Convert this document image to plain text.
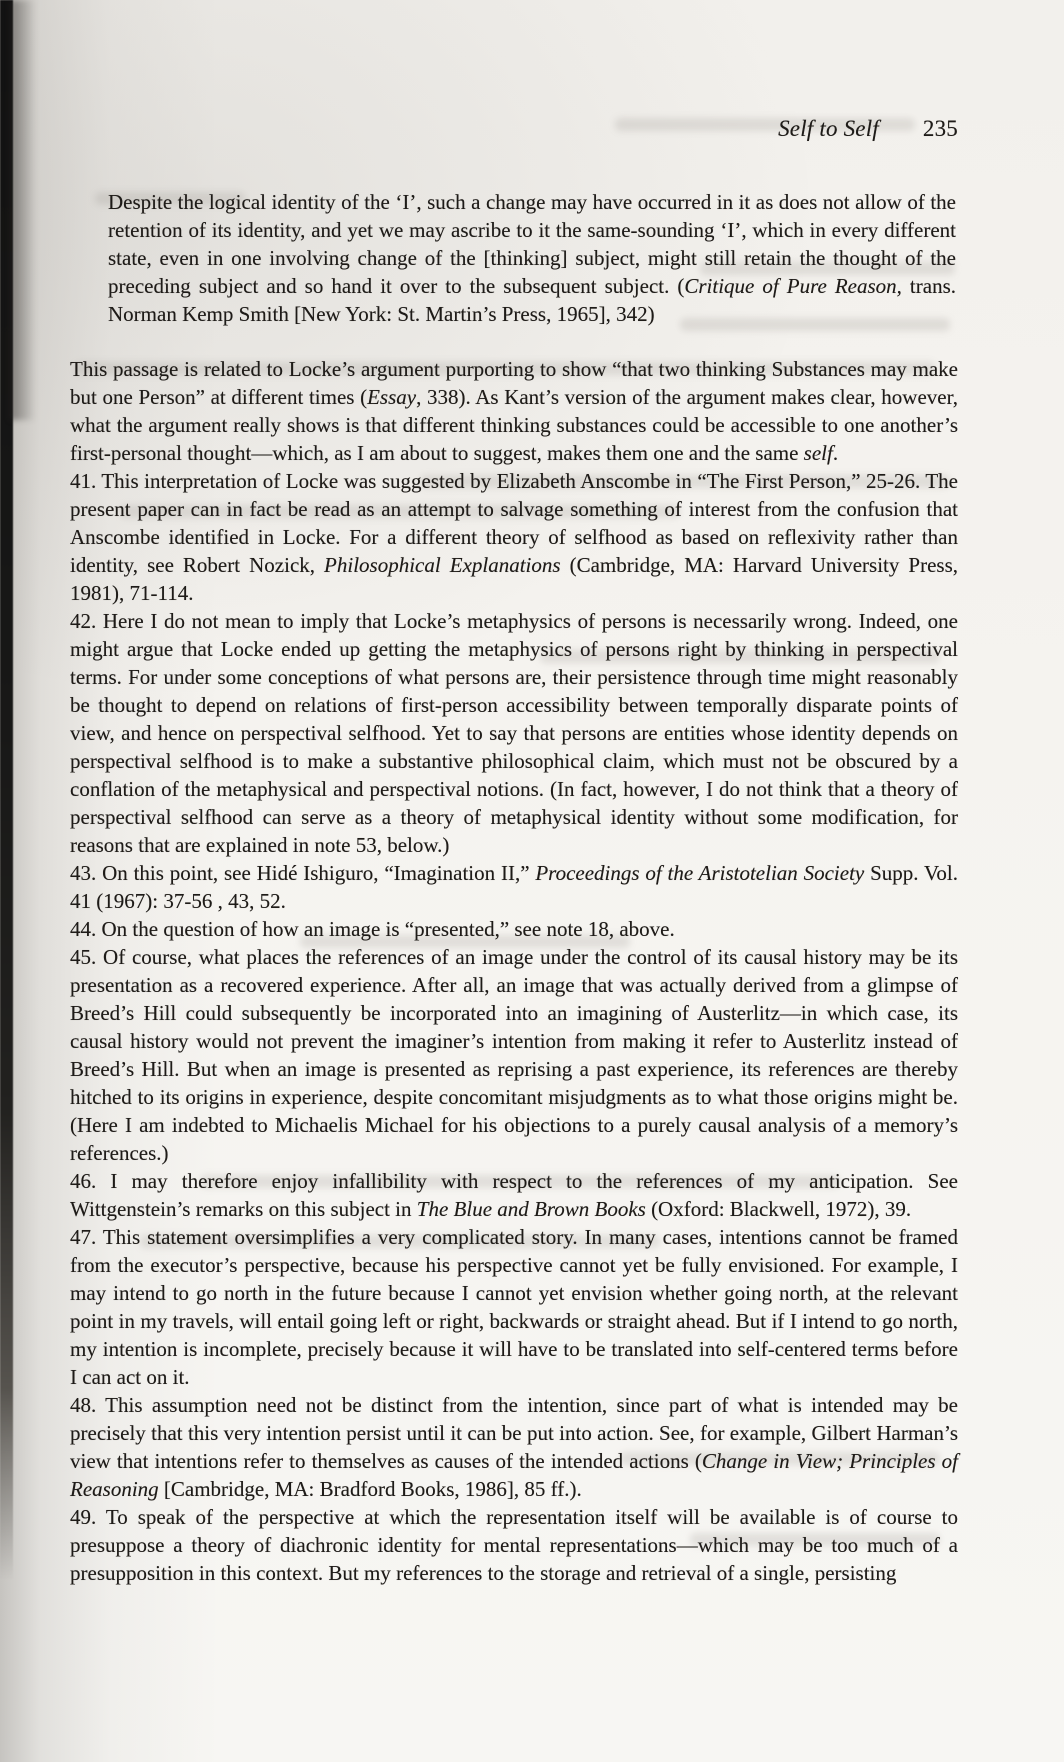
Self to Self 235
Despite the logical identity of the ‘I’, such a change may have occurred in it as does not allow of the retention of its identity, and yet we may ascribe to it the same-sounding ‘I’, which in every different state, even in one involving change of the [thinking] subject, might still retain the thought of the preceding subject and so hand it over to the subsequent subject. (Critique of Pure Reason, trans. Norman Kemp Smith [New York: St. Martin’s Press, 1965], 342)

This passage is related to Locke’s argument purporting to show “that two thinking Substances may make but one Person” at different times (Essay, 338). As Kant’s version of the argument makes clear, however, what the argument really shows is that different thinking substances could be accessible to one another’s first-personal thought—which, as I am about to suggest, makes them one and the same self.

41. This interpretation of Locke was suggested by Elizabeth Anscombe in “The First Person,” 25-26. The present paper can in fact be read as an attempt to salvage something of interest from the confusion that Anscombe identified in Locke. For a different theory of selfhood as based on reflexivity rather than identity, see Robert Nozick, Philosophical Explanations (Cambridge, MA: Harvard University Press, 1981), 71-114.

42. Here I do not mean to imply that Locke’s metaphysics of persons is necessarily wrong. Indeed, one might argue that Locke ended up getting the metaphysics of persons right by thinking in perspectival terms. For under some conceptions of what persons are, their persistence through time might reasonably be thought to depend on relations of first-person accessibility between temporally disparate points of view, and hence on perspectival selfhood. Yet to say that persons are entities whose identity depends on perspectival selfhood is to make a substantive philosophical claim, which must not be obscured by a conflation of the metaphysical and perspectival notions. (In fact, however, I do not think that a theory of perspectival selfhood can serve as a theory of metaphysical identity without some modification, for reasons that are explained in note 53, below.)

43. On this point, see Hidé Ishiguro, “Imagination II,” Proceedings of the Aristotelian Society Supp. Vol. 41 (1967): 37-56 , 43, 52.

44. On the question of how an image is “presented,” see note 18, above.

45. Of course, what places the references of an image under the control of its causal history may be its presentation as a recovered experience. After all, an image that was actually derived from a glimpse of Breed’s Hill could subsequently be incorporated into an imagining of Austerlitz—in which case, its causal history would not prevent the imaginer’s intention from making it refer to Austerlitz instead of Breed’s Hill. But when an image is presented as reprising a past experience, its references are thereby hitched to its origins in experience, despite concomitant misjudgments as to what those origins might be. (Here I am indebted to Michaelis Michael for his objections to a purely causal analysis of a memory’s references.)

46. I may therefore enjoy infallibility with respect to the references of my anticipation. See Wittgenstein’s remarks on this subject in The Blue and Brown Books (Oxford: Blackwell, 1972), 39.

47. This statement oversimplifies a very complicated story. In many cases, intentions cannot be framed from the executor’s perspective, because his perspective cannot yet be fully envisioned. For example, I may intend to go north in the future because I cannot yet envision whether going north, at the relevant point in my travels, will entail going left or right, backwards or straight ahead. But if I intend to go north, my intention is incomplete, precisely because it will have to be translated into self-centered terms before I can act on it.

48. This assumption need not be distinct from the intention, since part of what is intended may be precisely that this very intention persist until it can be put into action. See, for example, Gilbert Harman’s view that intentions refer to themselves as causes of the intended actions (Change in View; Principles of Reasoning [Cambridge, MA: Bradford Books, 1986], 85 ff.).

49. To speak of the perspective at which the representation itself will be available is of course to presuppose a theory of diachronic identity for mental representations—which may be too much of a presupposition in this context. But my references to the storage and retrieval of a single, persisting
